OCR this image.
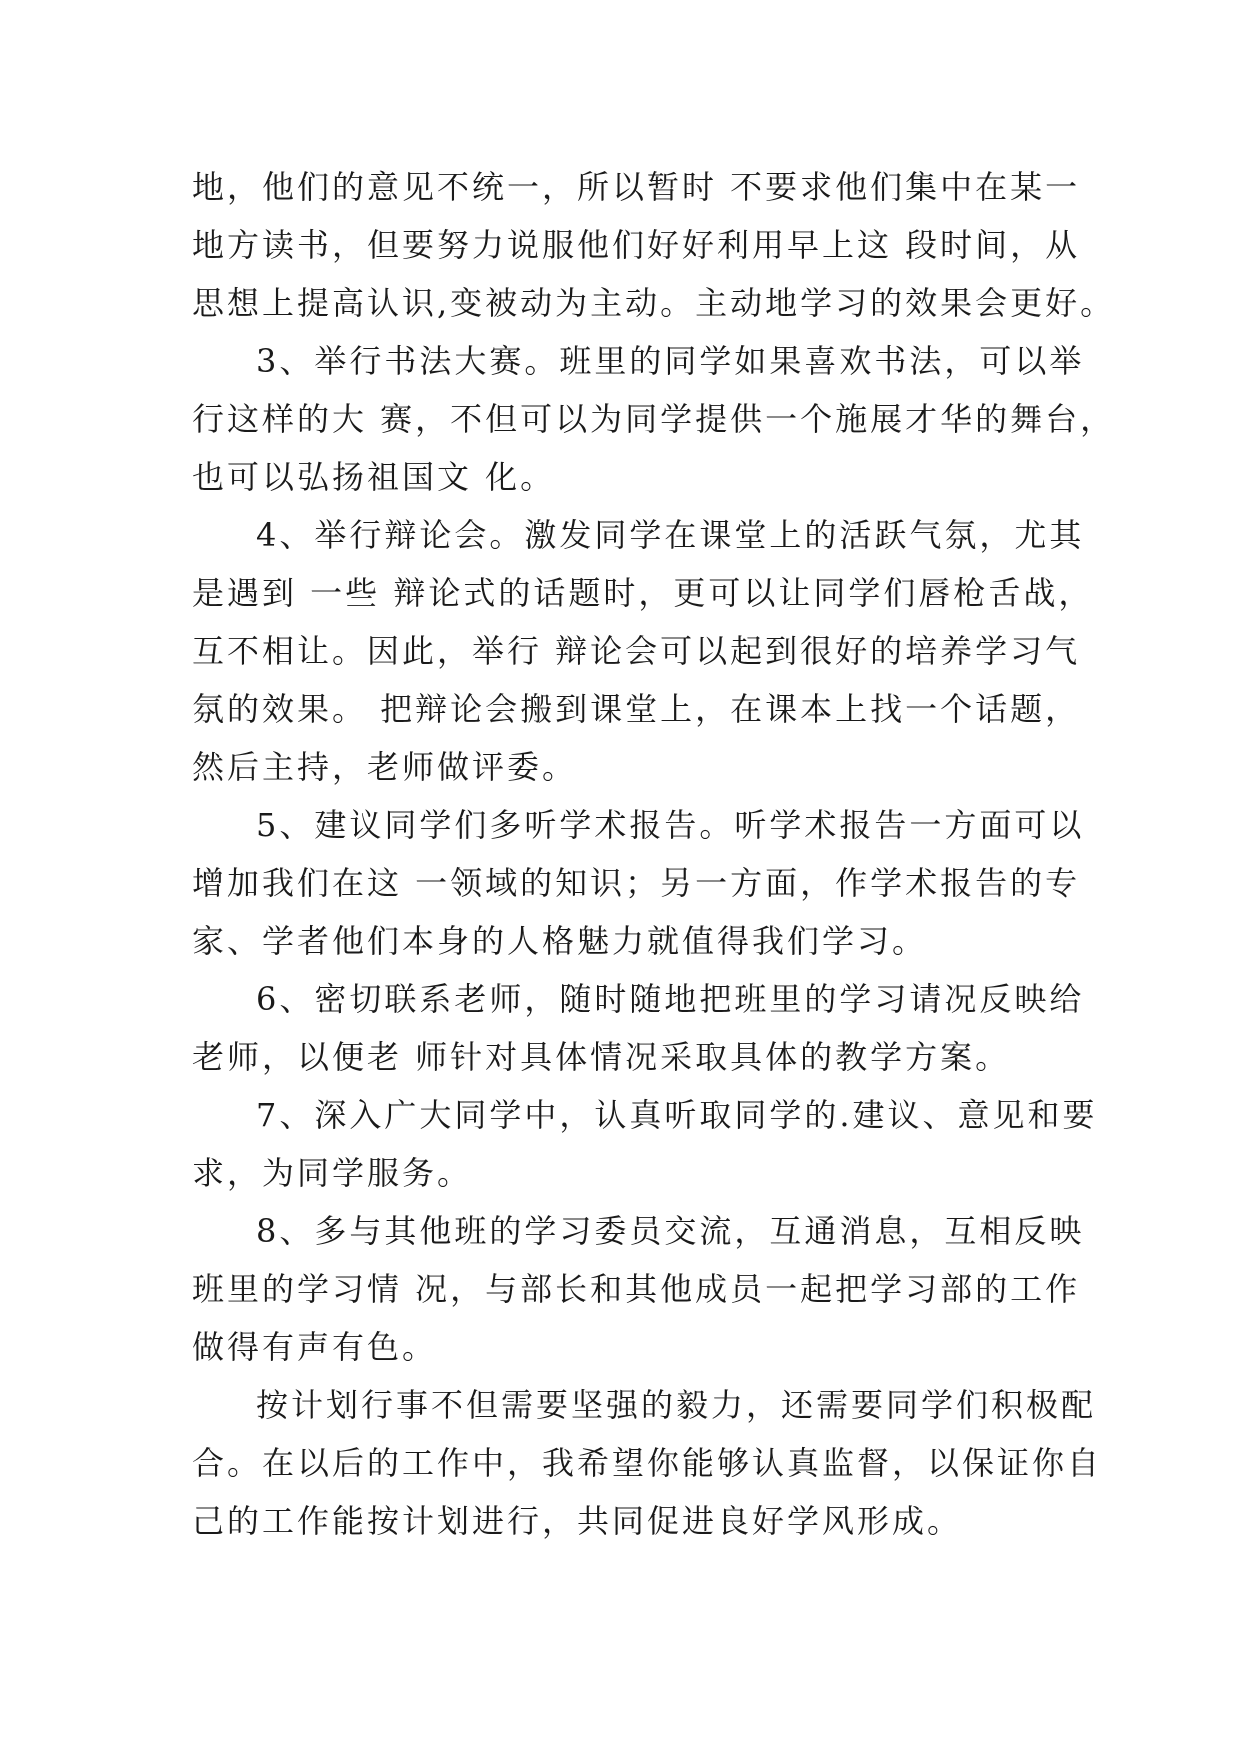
地，他们的意见不统一，所以暂时 不要求他们集中在某一
地方读书，但要努力说服他们好好利用早上这 段时间，从
思想上提高认识,变被动为主动。主动地学习的效果会更好。
3、举行书法大赛。班里的同学如果喜欢书法，可以举
行这样的大 赛，不但可以为同学提供一个施展才华的舞台，
也可以弘扬祖国文 化。
4、举行辩论会。激发同学在课堂上的活跃气氛，尤其
是遇到 一些 辩论式的话题时，更可以让同学们唇枪舌战，
互不相让。因此，举行 辩论会可以起到很好的培养学习气
氛的效果。 把辩论会搬到课堂上，在课本上找一个话题，
然后主持，老师做评委。
5、建议同学们多听学术报告。听学术报告一方面可以
增加我们在这 一领域的知识；另一方面，作学术报告的专
家、学者他们本身的人格魅力就值得我们学习。
6、密切联系老师，随时随地把班里的学习请况反映给
老师，以便老 师针对具体情况采取具体的教学方案。
7、深入广大同学中，认真听取同学的.建议、意见和要
求，为同学服务。
8、多与其他班的学习委员交流，互通消息，互相反映
班里的学习情 况，与部长和其他成员一起把学习部的工作
做得有声有色。
按计划行事不但需要坚强的毅力，还需要同学们积极配
合。在以后的工作中，我希望你能够认真监督，以保证你自
己的工作能按计划进行，共同促进良好学风形成。
